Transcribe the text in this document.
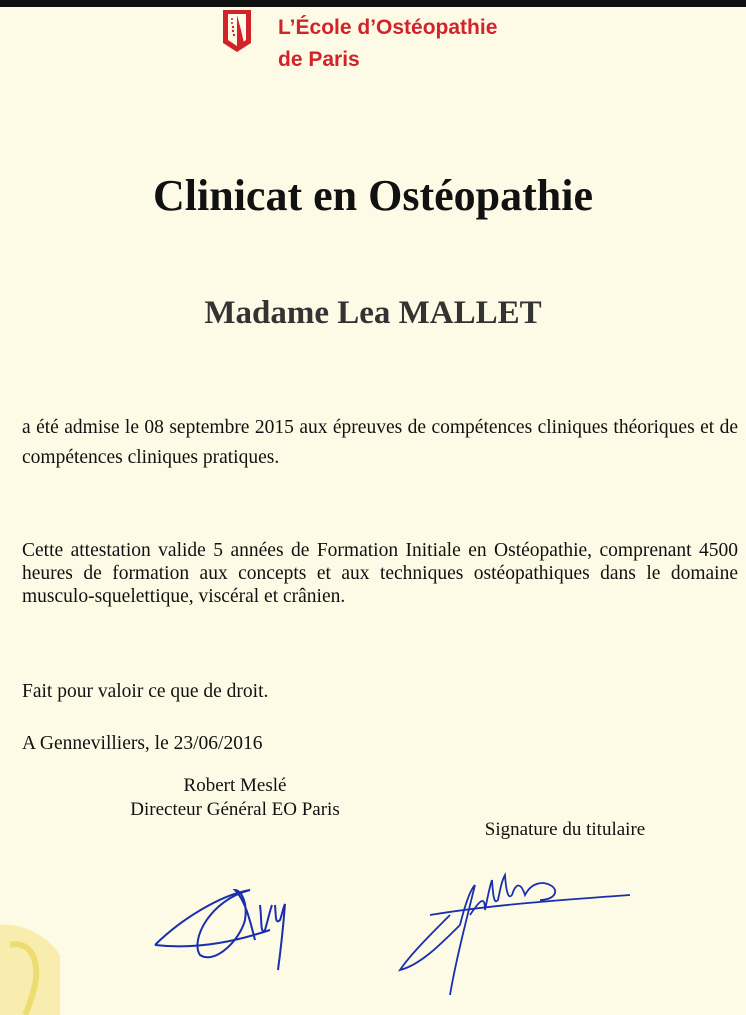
L’École d’Ostéopathie
de Paris
Clinicat en Ostéopathie
Madame Lea MALLET
a été admise le 08 septembre 2015 aux épreuves de compétences cliniques théoriques et de compétences cliniques pratiques.
Cette attestation valide 5 années de Formation Initiale en Ostéopathie, comprenant 4500 heures de formation aux concepts et aux techniques ostéopathiques dans le domaine musculo-squelettique, viscéral et crânien.
Fait pour valoir ce que de droit.
A Gennevilliers, le 23/06/2016
Robert Meslé
Directeur Général EO Paris
Signature du titulaire
